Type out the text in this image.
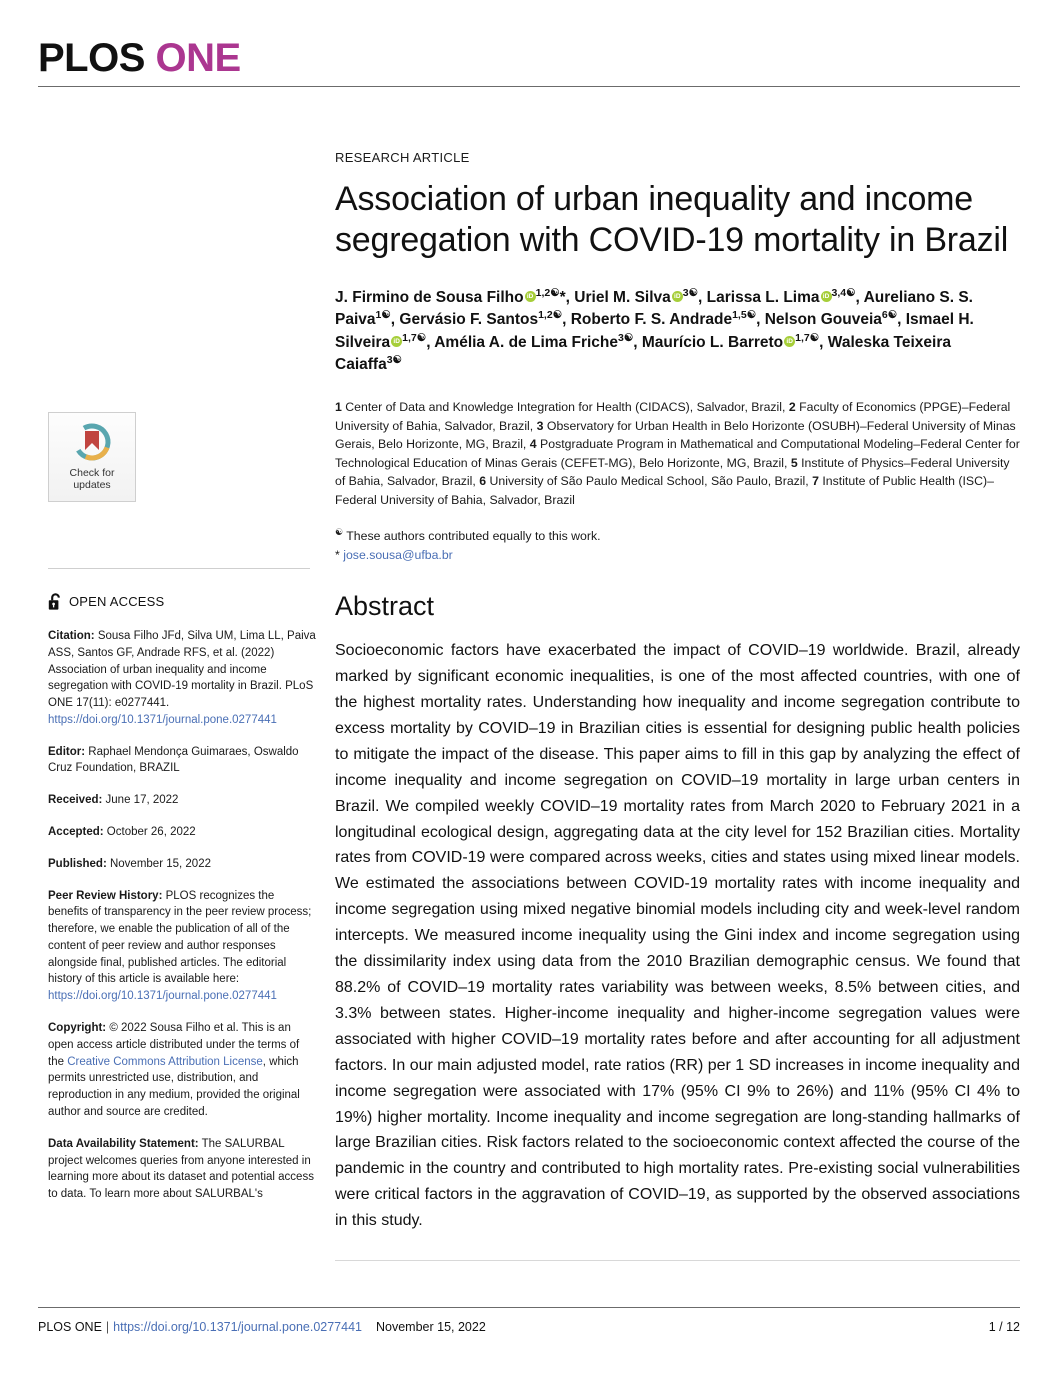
PLOS ONE
Check for
updates
OPEN ACCESS
Citation: Sousa Filho JFd, Silva UM, Lima LL, Paiva ASS, Santos GF, Andrade RFS, et al. (2022) Association of urban inequality and income segregation with COVID-19 mortality in Brazil. PLoS ONE 17(11): e0277441. https://doi.org/10.1371/journal.pone.0277441
Editor: Raphael Mendonça Guimaraes, Oswaldo Cruz Foundation, BRAZIL
Received: June 17, 2022
Accepted: October 26, 2022
Published: November 15, 2022
Peer Review History: PLOS recognizes the benefits of transparency in the peer review process; therefore, we enable the publication of all of the content of peer review and author responses alongside final, published articles. The editorial history of this article is available here: https://doi.org/10.1371/journal.pone.0277441
Copyright: © 2022 Sousa Filho et al. This is an open access article distributed under the terms of the Creative Commons Attribution License, which permits unrestricted use, distribution, and reproduction in any medium, provided the original author and source are credited.
Data Availability Statement: The SALURBAL project welcomes queries from anyone interested in learning more about its dataset and potential access to data. To learn more about SALURBAL's
RESEARCH ARTICLE
Association of urban inequality and income segregation with COVID-19 mortality in Brazil
J. Firmino de Sousa Filho iD $^{1,2☯}$*, Uriel M. Silva iD $^{3☯}$, Larissa L. Lima iD $^{3,4☯}$, Aureliano S. S. Paiva$^{1☯}$, Gervásio F. Santos$^{1,2☯}$, Roberto F. S. Andrade$^{1,5☯}$, Nelson Gouveia$^{6☯}$, Ismael H. Silveira iD $^{1,7☯}$, Amélia A. de Lima Friche$^{3☯}$, Maurício L. Barreto iD $^{1,7☯}$, Waleska Teixeira Caiaffa$^{3☯}$
1 Center of Data and Knowledge Integration for Health (CIDACS), Salvador, Brazil, 2 Faculty of Economics (PPGE)–Federal University of Bahia, Salvador, Brazil, 3 Observatory for Urban Health in Belo Horizonte (OSUBH)–Federal University of Minas Gerais, Belo Horizonte, MG, Brazil, 4 Postgraduate Program in Mathematical and Computational Modeling–Federal Center for Technological Education of Minas Gerais (CEFET-MG), Belo Horizonte, MG, Brazil, 5 Institute of Physics–Federal University of Bahia, Salvador, Brazil, 6 University of São Paulo Medical School, São Paulo, Brazil, 7 Institute of Public Health (ISC)–Federal University of Bahia, Salvador, Brazil
☯ These authors contributed equally to this work.
* jose.sousa@ufba.br
Abstract
Socioeconomic factors have exacerbated the impact of COVID–19 worldwide. Brazil, already marked by significant economic inequalities, is one of the most affected countries, with one of the highest mortality rates. Understanding how inequality and income segregation contribute to excess mortality by COVID–19 in Brazilian cities is essential for designing public health policies to mitigate the impact of the disease. This paper aims to fill in this gap by analyzing the effect of income inequality and income segregation on COVID–19 mortality in large urban centers in Brazil. We compiled weekly COVID–19 mortality rates from March 2020 to February 2021 in a longitudinal ecological design, aggregating data at the city level for 152 Brazilian cities. Mortality rates from COVID-19 were compared across weeks, cities and states using mixed linear models. We estimated the associations between COVID-19 mortality rates with income inequality and income segregation using mixed negative binomial models including city and week-level random intercepts. We measured income inequality using the Gini index and income segregation using the dissimilarity index using data from the 2010 Brazilian demographic census. We found that 88.2% of COVID–19 mortality rates variability was between weeks, 8.5% between cities, and 3.3% between states. Higher-income inequality and higher-income segregation values were associated with higher COVID–19 mortality rates before and after accounting for all adjustment factors. In our main adjusted model, rate ratios (RR) per 1 SD increases in income inequality and income segregation were associated with 17% (95% CI 9% to 26%) and 11% (95% CI 4% to 19%) higher mortality. Income inequality and income segregation are long-standing hallmarks of large Brazilian cities. Risk factors related to the socioeconomic context affected the course of the pandemic in the country and contributed to high mortality rates. Pre-existing social vulnerabilities were critical factors in the aggravation of COVID–19, as supported by the observed associations in this study.
PLOS ONE | https://doi.org/10.1371/journal.pone.0277441 November 15, 2022	1 / 12
